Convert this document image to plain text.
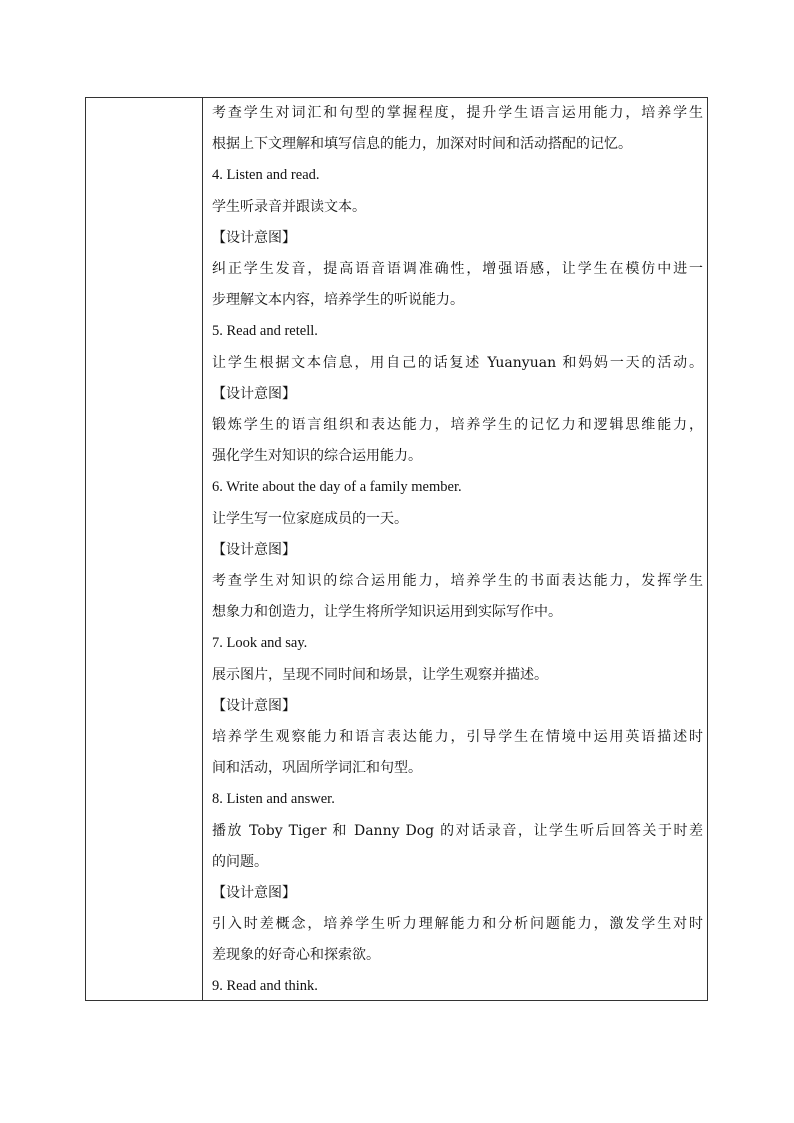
考查学生对词汇和句型的掌握程度，提升学生语言运用能力，培养学生
根据上下文理解和填写信息的能力，加深对时间和活动搭配的记忆。
4. Listen and read.
学生听录音并跟读文本。
【设计意图】
纠正学生发音，提高语音语调准确性，增强语感，让学生在模仿中进一
步理解文本内容，培养学生的听说能力。
5. Read and retell.
让学生根据文本信息，用自己的话复述 Yuanyuan 和妈妈一天的活动。
【设计意图】
锻炼学生的语言组织和表达能力，培养学生的记忆力和逻辑思维能力，
强化学生对知识的综合运用能力。
6. Write about the day of a family member.
让学生写一位家庭成员的一天。
【设计意图】
考查学生对知识的综合运用能力，培养学生的书面表达能力，发挥学生
想象力和创造力，让学生将所学知识运用到实际写作中。
7. Look and say.
展示图片，呈现不同时间和场景，让学生观察并描述。
【设计意图】
培养学生观察能力和语言表达能力，引导学生在情境中运用英语描述时
间和活动，巩固所学词汇和句型。
8. Listen and answer.
播放 Toby Tiger 和 Danny Dog 的对话录音，让学生听后回答关于时差
的问题。
【设计意图】
引入时差概念，培养学生听力理解能力和分析问题能力，激发学生对时
差现象的好奇心和探索欲。
9. Read and think.
